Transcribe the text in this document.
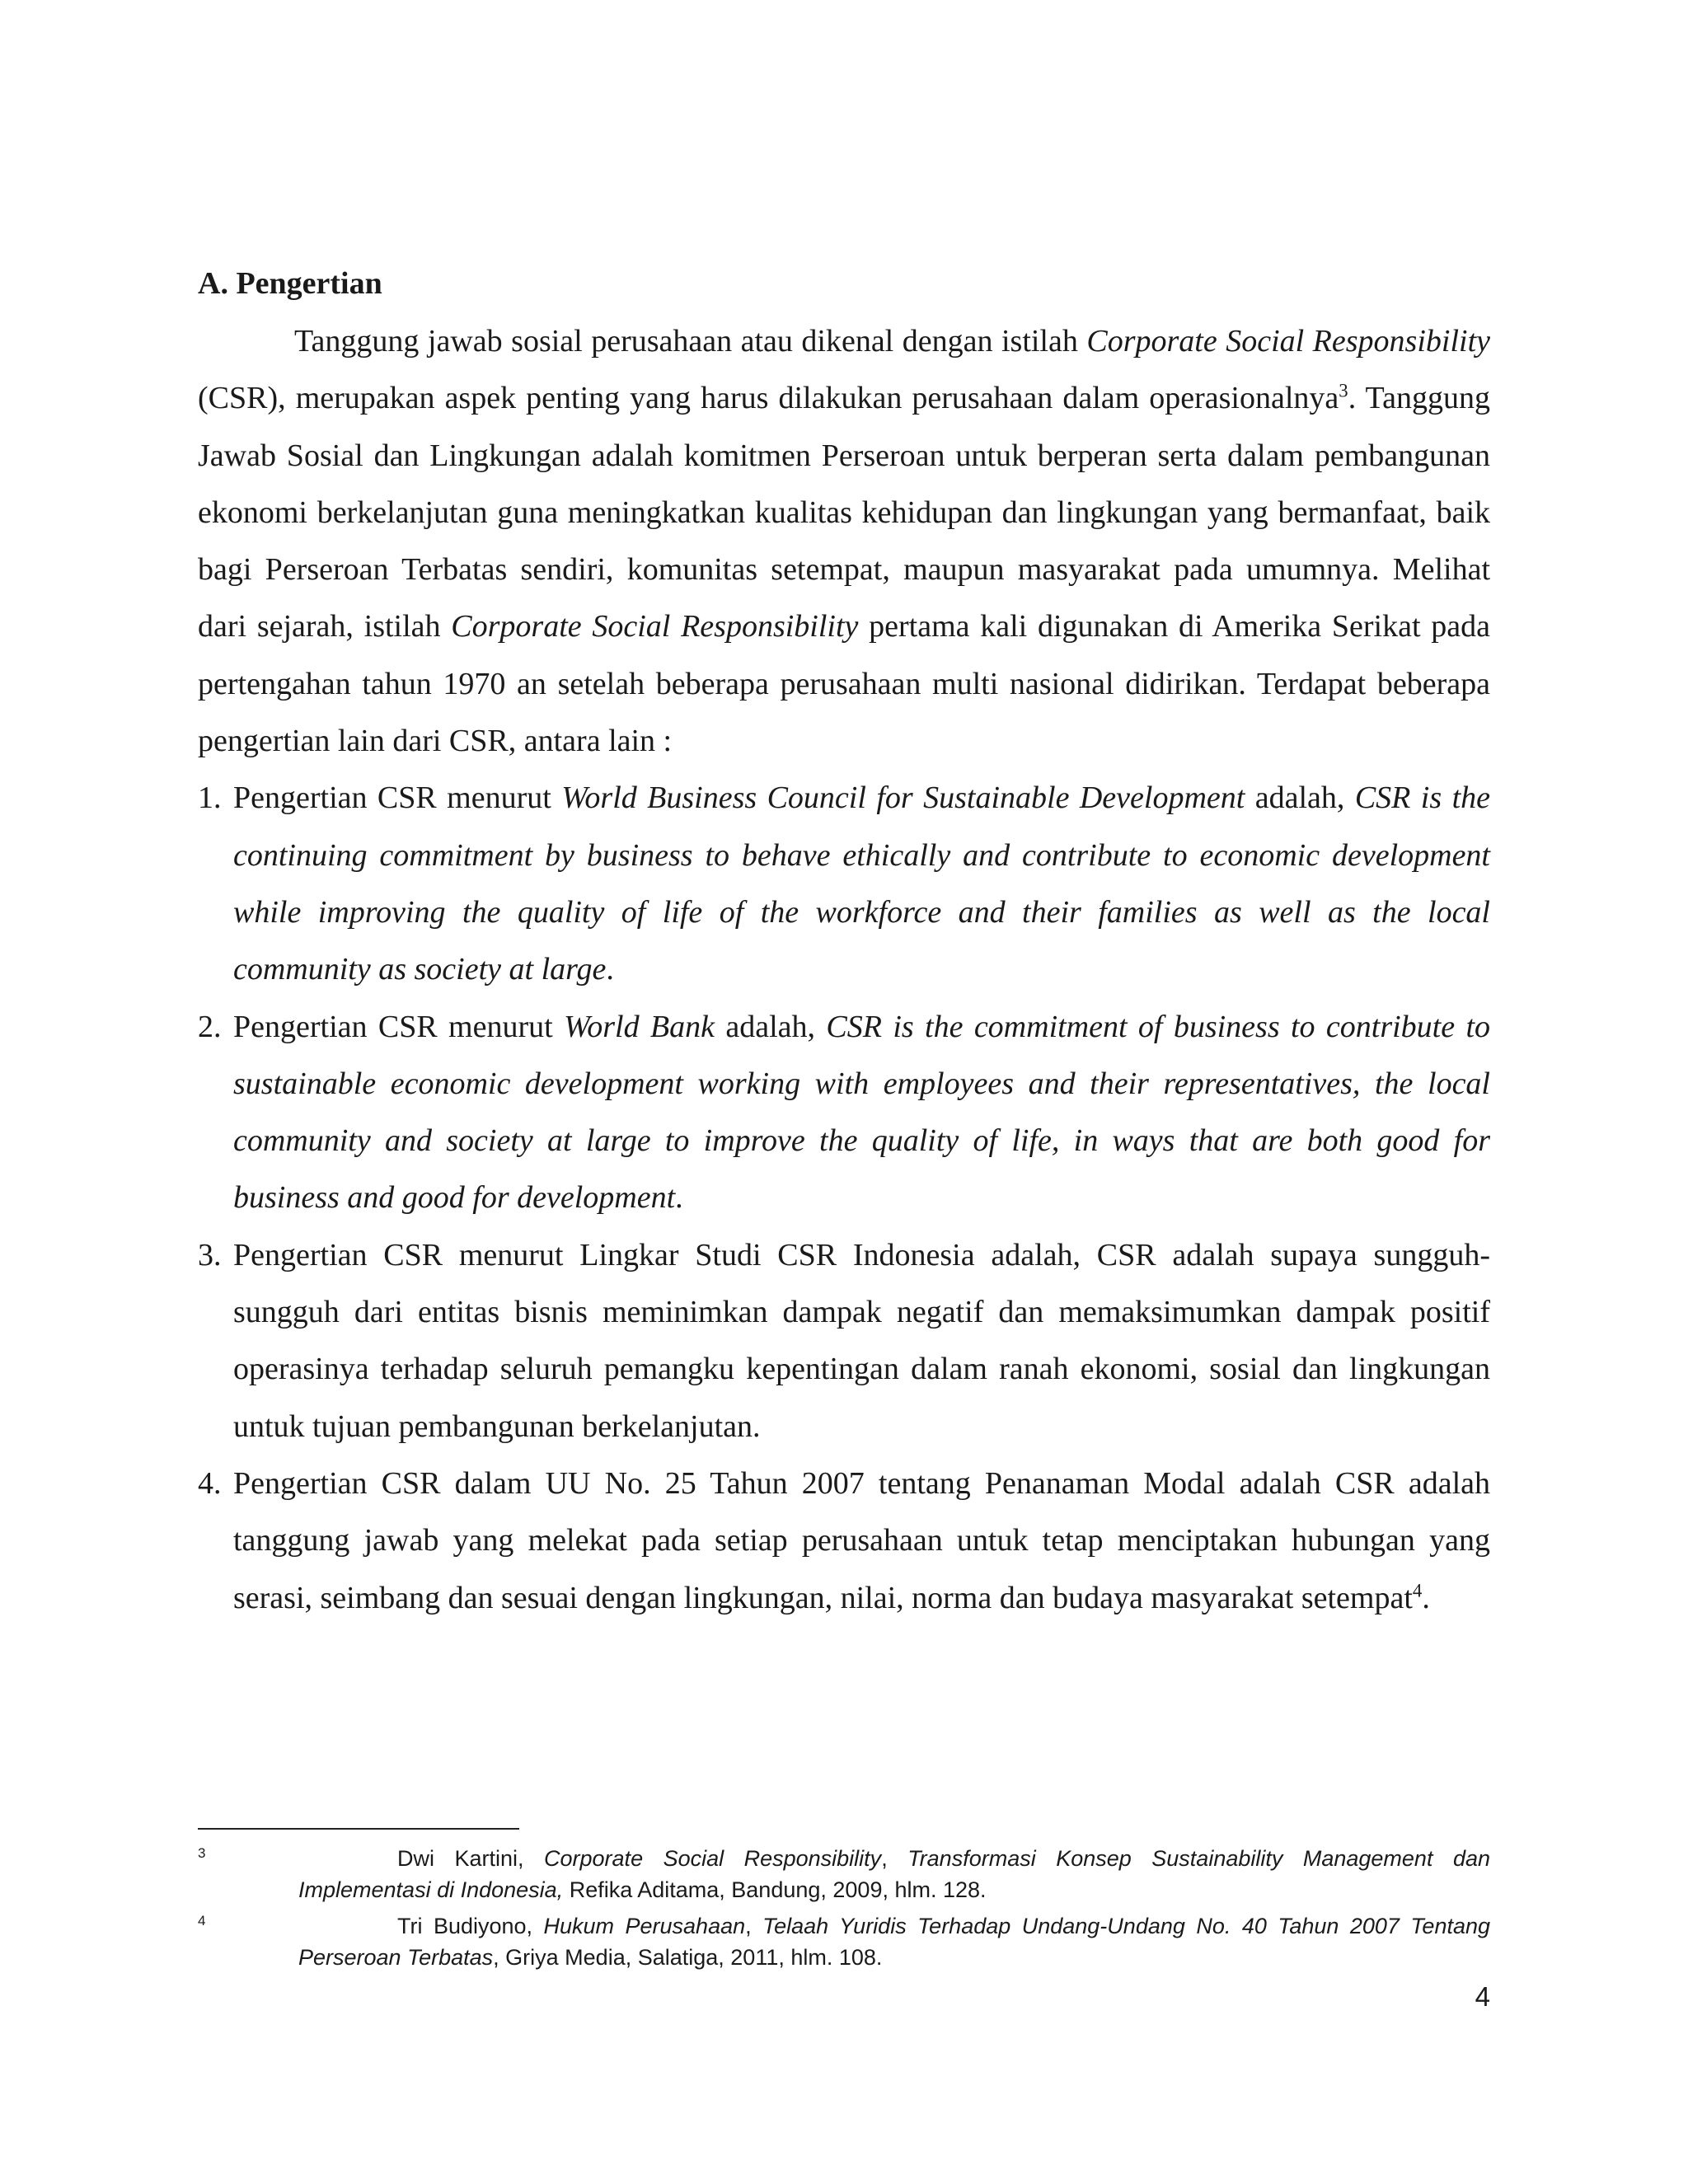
A. Pengertian

Tanggung jawab sosial perusahaan atau dikenal dengan istilah Corporate Social Responsibility (CSR), merupakan aspek penting yang harus dilakukan perusahaan dalam operasionalnya$^3$. Tanggung Jawab Sosial dan Lingkungan adalah komitmen Perseroan untuk berperan serta dalam pembangunan ekonomi berkelanjutan guna meningkatkan kualitas kehidupan dan lingkungan yang bermanfaat, baik bagi Perseroan Terbatas sendiri, komunitas setempat, maupun masyarakat pada umumnya. Melihat dari sejarah, istilah Corporate Social Responsibility pertama kali digunakan di Amerika Serikat pada pertengahan tahun 1970 an setelah beberapa perusahaan multi nasional didirikan. Terdapat beberapa pengertian lain dari CSR, antara lain :

1. Pengertian CSR menurut World Business Council for Sustainable Development adalah, CSR is the continuing commitment by business to behave ethically and contribute to economic development while improving the quality of life of the workforce and their families as well as the local community as society at large.
2. Pengertian CSR menurut World Bank adalah, CSR is the commitment of business to contribute to sustainable economic development working with employees and their representatives, the local community and society at large to improve the quality of life, in ways that are both good for business and good for development.
3. Pengertian CSR menurut Lingkar Studi CSR Indonesia adalah, CSR adalah supaya sungguh-sungguh dari entitas bisnis meminimkan dampak negatif dan memaksimumkan dampak positif operasinya terhadap seluruh pemangku kepentingan dalam ranah ekonomi, sosial dan lingkungan untuk tujuan pembangunan berkelanjutan.
4. Pengertian CSR dalam UU No. 25 Tahun 2007 tentang Penanaman Modal adalah CSR adalah tanggung jawab yang melekat pada setiap perusahaan untuk tetap menciptakan hubungan yang serasi, seimbang dan sesuai dengan lingkungan, nilai, norma dan budaya masyarakat setempat$^4$.
3	Dwi Kartini, Corporate Social Responsibility, Transformasi Konsep Sustainability Management dan Implementasi di Indonesia, Refika Aditama, Bandung, 2009, hlm. 128.
4	Tri Budiyono, Hukum Perusahaan, Telaah Yuridis Terhadap Undang-Undang No. 40 Tahun 2007 Tentang Perseroan Terbatas, Griya Media, Salatiga, 2011, hlm. 108.
4
